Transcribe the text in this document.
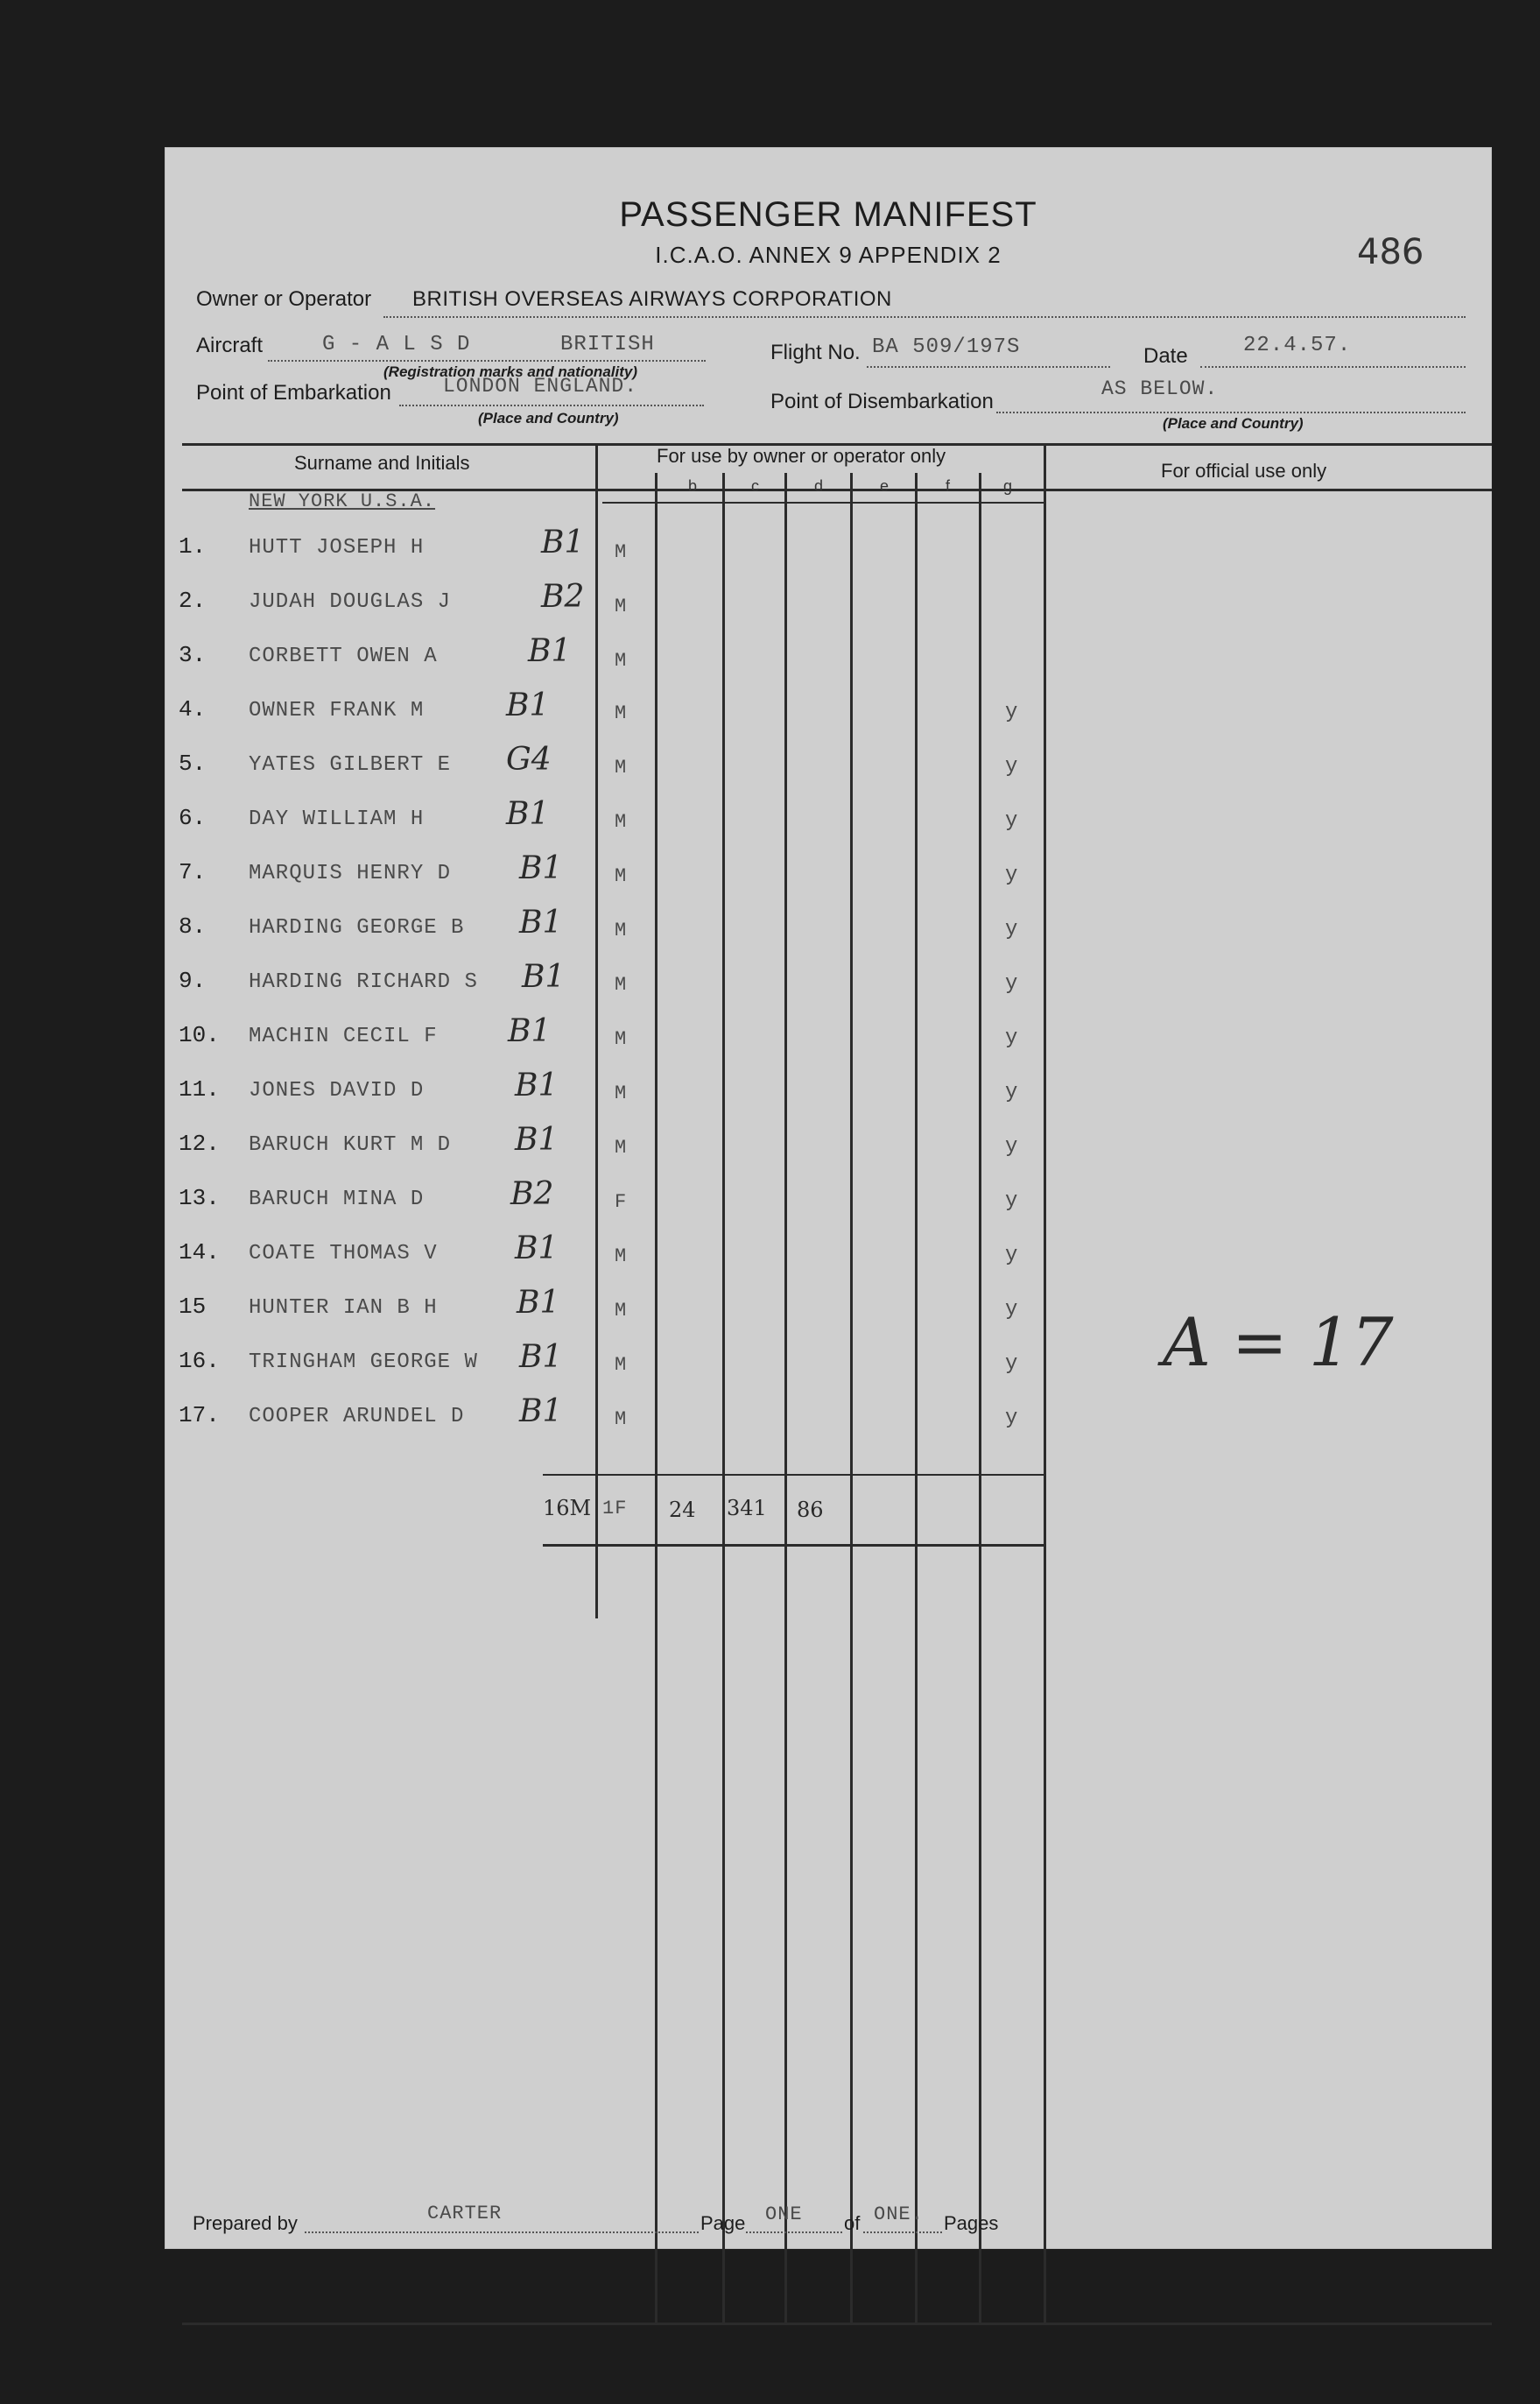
PASSENGER MANIFEST
I.C.A.O. ANNEX 9 APPENDIX 2	486
Owner or Operator BRITISH OVERSEAS AIRWAYS CORPORATION
Aircraft	G - A L S D	BRITISH
(Registration marks and nationality)
Flight No. BA 509/197S	Date	22.4.57.
Point of Embarkation	LONDON ENGLAND.
(Place and Country)
Point of Disembarkation
AS BELOW.
(Place and Country)
Surname and Initials	For use by owner or operator only
For official use only
b	c	d	e	f	g
NEW YORK U.S.A.
1. HUTT JOSEPH H	B1 M
2. JUDAH DOUGLAS J	B2 M
3. CORBETT OWEN A	B1 M
4. OWNER FRANK M	B1	M	y
5. YATES GILBERT E G4	M	y
6. DAY WILLIAM H	B1	M	y
7. MARQUIS HENRY D B1	M	y
8. HARDING GEORGE B B1	M	y
9. HARDING RICHARD S B1	M	y
10. MACHIN CECIL F B1	M	y
11. JONES DAVID D	B1	M	y
12. BARUCH KURT M D B1	M	y
13. BARUCH MINA D	B2	F	y
14. COATE THOMAS V B1	M	y
15 HUNTER IAN B H	B1	M	y
16. TRINGHAM GEORGE W B1	M	y
17. COOPER ARUNDEL D B1	M	y
16M 1F 24 341 86
A = 17
Prepared by	CARTER	Page ONE of ONE. Pages
